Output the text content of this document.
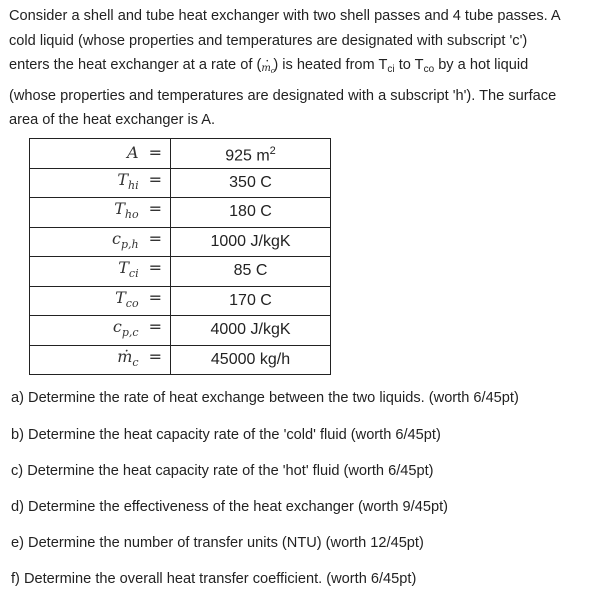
Consider a shell and tube heat exchanger with two shell passes and 4 tube passes. A
cold liquid (whose properties and temperatures are designated with subscript 'c')
enters the heat exchanger at a rate of (· $m_c$) is heated from $T_{ci}$ to $T_{co}$ by a hot liquid
(whose properties and temperatures are designated with a subscript 'h'). The surface
area of the heat exchanger is A.
A =	925 $m^2$
$T_{hi}$ =	350 C
$T_{ho}$ =	180 C
$c_{p,h}$ =	1000 J/kgK
$T_{ci}$ =	85 C
$T_{co}$ =	170 C
$c_{p,c}$ =	4000 J/kgK
ṁ$_c$ =	45000 kg/h

a) Determine the rate of heat exchange between the two liquids. (worth 6/45pt)

b) Determine the heat capacity rate of the 'cold' fluid (worth 6/45pt)

c) Determine the heat capacity rate of the 'hot' fluid (worth 6/45pt)

d) Determine the effectiveness of the heat exchanger (worth 9/45pt)

e) Determine the number of transfer units (NTU) (worth 12/45pt)

f) Determine the overall heat transfer coefficient. (worth 6/45pt)
